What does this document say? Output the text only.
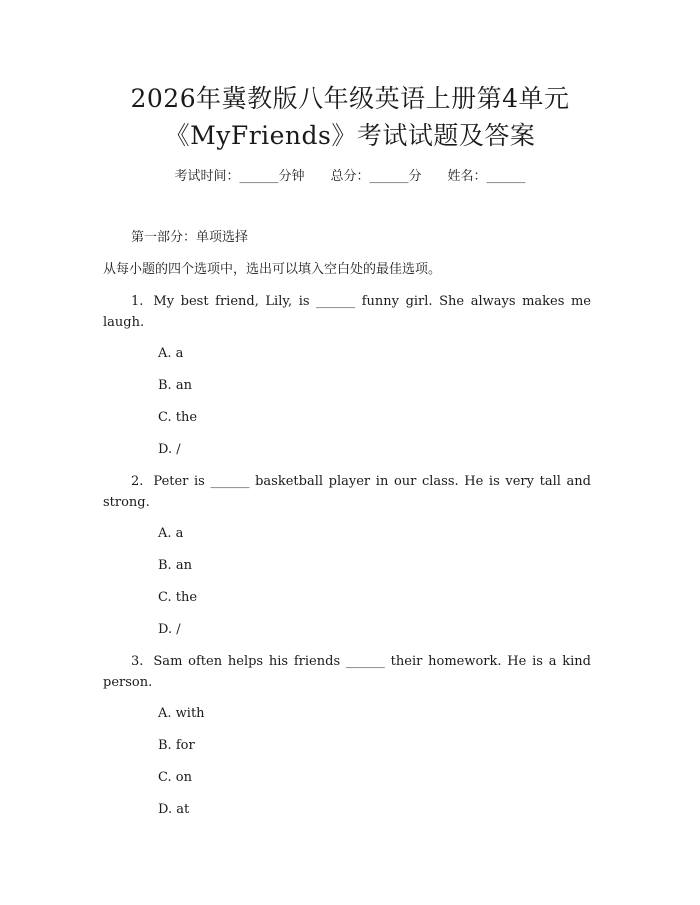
2026年冀教版八年级英语上册第4单元
《MyFriends》考试试题及答案
考试时间：______分钟 总分：______分 姓名：______
第一部分：单项选择
从每小题的四个选项中，选出可以填入空白处的最佳选项。
1. My best friend, Lily, is ______ funny girl. She always makes me laugh.
A. a
B. an
C. the
D. /
2. Peter is ______ basketball player in our class. He is very tall and strong.
A. a
B. an
C. the
D. /
3. Sam often helps his friends ______ their homework. He is a kind person.
A. with
B. for
C. on
D. at
